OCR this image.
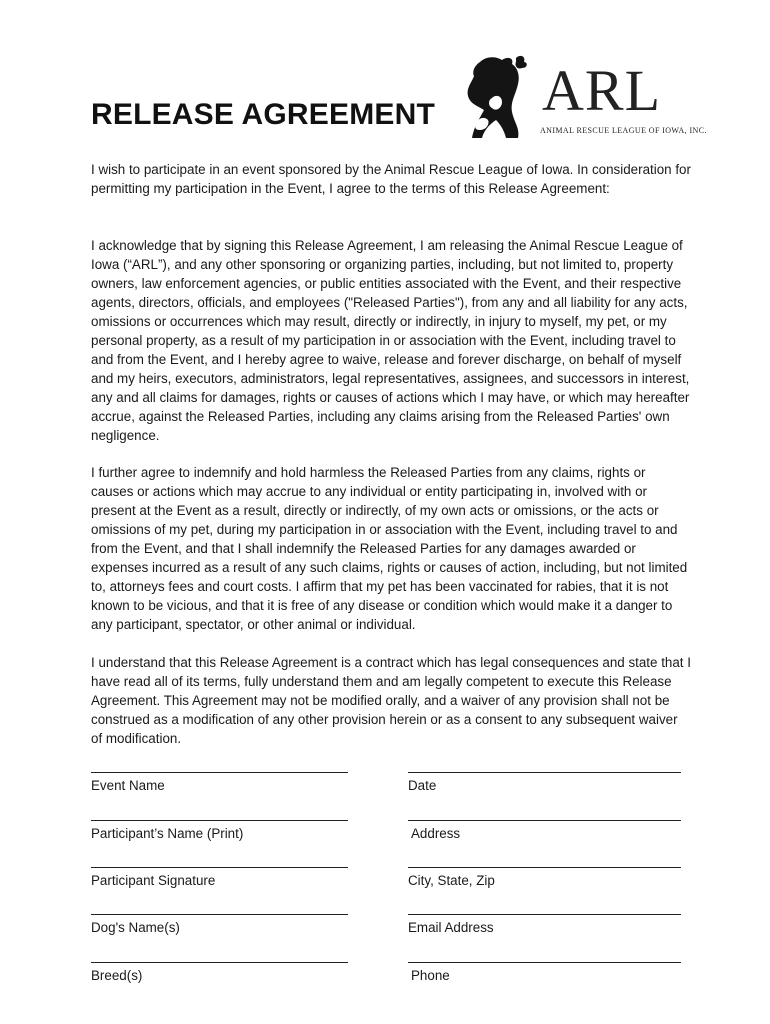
RELEASE AGREEMENT ARL
ANIMAL RESCUE LEAGUE OF IOWA, INC.

I wish to participate in an event sponsored by the Animal Rescue League of Iowa. In consideration for permitting my participation in the Event, I agree to the terms of this Release Agreement:

I acknowledge that by signing this Release Agreement, I am releasing the Animal Rescue League of Iowa (“ARL”), and any other sponsoring or organizing parties, including, but not limited to, property owners, law enforcement agencies, or public entities associated with the Event, and their respective agents, directors, officials, and employees ("Released Parties"), from any and all liability for any acts, omissions or occurrences which may result, directly or indirectly, in injury to myself, my pet, or my personal property, as a result of my participation in or association with the Event, including travel to and from the Event, and I hereby agree to waive, release and forever discharge, on behalf of myself and my heirs, executors, administrators, legal representatives, assignees, and successors in interest, any and all claims for damages, rights or causes of actions which I may have, or which may hereafter accrue, against the Released Parties, including any claims arising from the Released Parties' own negligence.

I further agree to indemnify and hold harmless the Released Parties from any claims, rights or causes or actions which may accrue to any individual or entity participating in, involved with or present at the Event as a result, directly or indirectly, of my own acts or omissions, or the acts or omissions of my pet, during my participation in or association with the Event, including travel to and from the Event, and that I shall indemnify the Released Parties for any damages awarded or expenses incurred as a result of any such claims, rights or causes of action, including, but not limited to, attorneys fees and court costs. I affirm that my pet has been vaccinated for rabies, that it is not known to be vicious, and that it is free of any disease or condition which would make it a danger to any participant, spectator, or other animal or individual.

I understand that this Release Agreement is a contract which has legal consequences and state that I have read all of its terms, fully understand them and am legally competent to execute this Release Agreement. This Agreement may not be modified orally, and a waiver of any provision shall not be construed as a modification of any other provision herein or as a consent to any subsequent waiver of modification.

Event Name
Participant’s Name (Print)
Participant Signature
Dog's Name(s)
Breed(s)
Date
Address
City, State, Zip
Email Address
Phone
